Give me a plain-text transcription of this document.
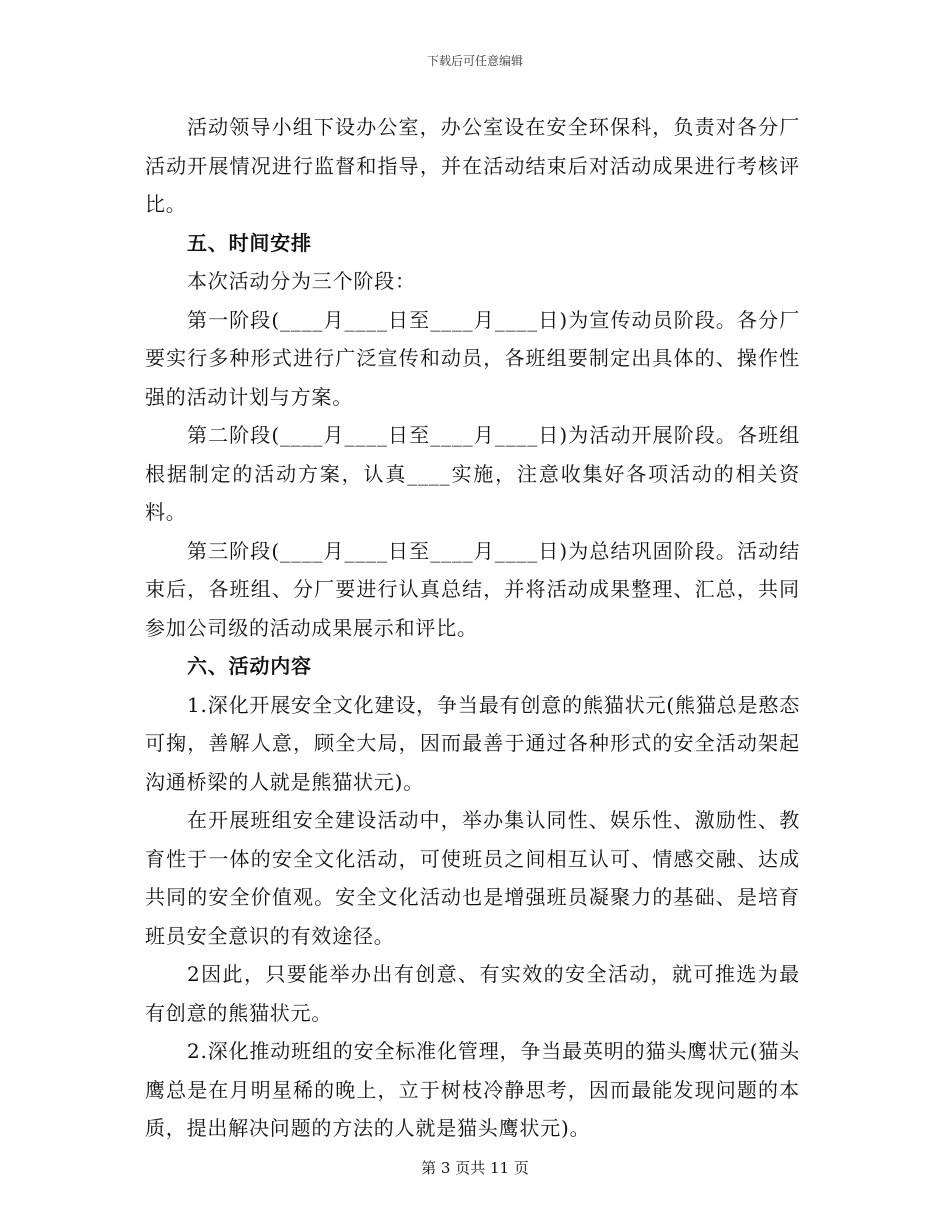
下载后可任意编辑

活动领导小组下设办公室，办公室设在安全环保科，负责对各分厂活动开展情况进行监督和指导，并在活动结束后对活动成果进行考核评比。

五、时间安排

本次活动分为三个阶段：

第一阶段(____月____日至____月____日)为宣传动员阶段。各分厂要实行多种形式进行广泛宣传和动员，各班组要制定出具体的、操作性强的活动计划与方案。

第二阶段(____月____日至____月____日)为活动开展阶段。各班组根据制定的活动方案，认真____实施，注意收集好各项活动的相关资料。

第三阶段(____月____日至____月____日)为总结巩固阶段。活动结束后，各班组、分厂要进行认真总结，并将活动成果整理、汇总，共同参加公司级的活动成果展示和评比。

六、活动内容

1.深化开展安全文化建设，争当最有创意的熊猫状元(熊猫总是憨态可掬，善解人意，顾全大局，因而最善于通过各种形式的安全活动架起沟通桥梁的人就是熊猫状元)。

在开展班组安全建设活动中，举办集认同性、娱乐性、激励性、教育性于一体的安全文化活动，可使班员之间相互认可、情感交融、达成共同的安全价值观。安全文化活动也是增强班员凝聚力的基础、是培育班员安全意识的有效途径。

2因此，只要能举办出有创意、有实效的安全活动，就可推选为最有创意的熊猫状元。

2.深化推动班组的安全标准化管理，争当最英明的猫头鹰状元(猫头鹰总是在月明星稀的晚上，立于树枝冷静思考，因而最能发现问题的本质，提出解决问题的方法的人就是猫头鹰状元)。

第 3 页共 11 页
